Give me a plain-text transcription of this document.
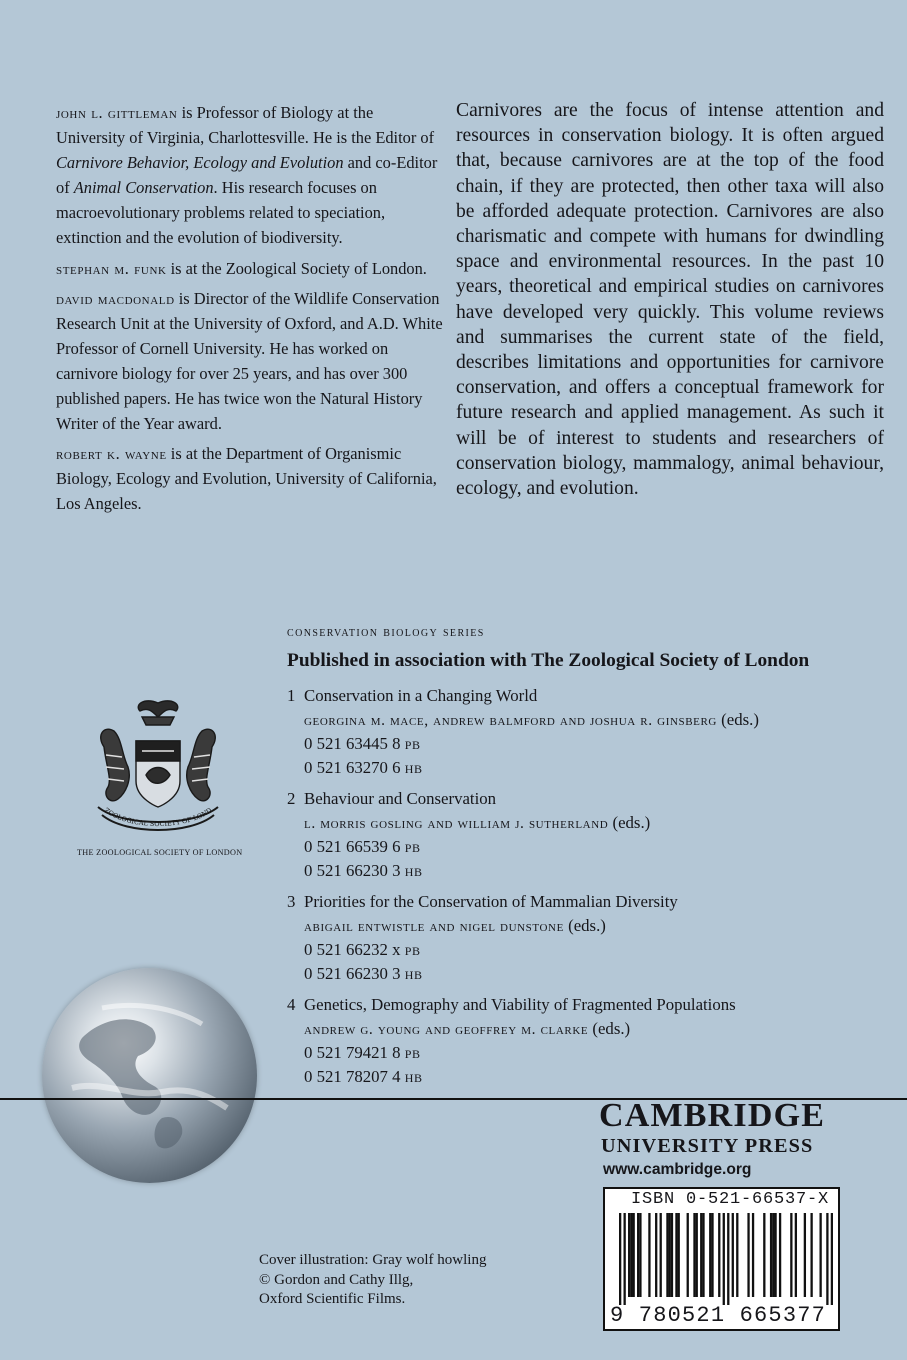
john l. gittleman is Professor of Biology at the University of Virginia, Charlottesville. He is the Editor of Carnivore Behavior, Ecology and Evolution and co-Editor of Animal Conservation. His research focuses on macroevolutionary problems related to speciation, extinction and the evolution of biodiversity.

stephan m. funk is at the Zoological Society of London.

david macdonald is Director of the Wildlife Conservation Research Unit at the University of Oxford, and A.D. White Professor of Cornell University. He has worked on carnivore biology for over 25 years, and has over 300 published papers. He has twice won the Natural History Writer of the Year award.

robert k. wayne is at the Department of Organismic Biology, Ecology and Evolution, University of California, Los Angeles.

Carnivores are the focus of intense attention and resources in conservation biology. It is often argued that, because carnivores are at the top of the food chain, if they are protected, then other taxa will also be afforded adequate protection. Carnivores are also charismatic and compete with humans for dwindling space and environmental resources. In the past 10 years, theoretical and empirical studies on carnivores have developed very quickly. This volume reviews and summarises the current state of the field, describes limitations and opportunities for carnivore conservation, and offers a conceptual framework for future research and applied management. As such it will be of interest to students and researchers of conservation biology, mammalogy, animal behaviour, ecology, and evolution.
conservation biology series
Published in association with The Zoological Society of London
1 Conservation in a Changing World
georgina m. mace, andrew balmford and joshua r. ginsberg (eds.)
0 521 63445 8 pb
0 521 63270 6 hb
2 Behaviour and Conservation
l. morris gosling and william j. sutherland (eds.)
0 521 66539 6 pb
0 521 66230 3 hb
3 Priorities for the Conservation of Mammalian Diversity
abigail entwistle and nigel dunstone (eds.)
0 521 66232 x pb
0 521 66230 3 hb
4 Genetics, Demography and Viability of Fragmented Populations
andrew g. young and geoffrey m. clarke (eds.)
0 521 79421 8 pb
0 521 78207 4 hb
ZOOLOGICAL SOCIETY OF LOND
THE ZOOLOGICAL SOCIETY OF LONDON
CAMBRIDGE
UNIVERSITY PRESS
www.cambridge.org
ISBN 0-521-66537-X
9 780521 665377
Cover illustration: Gray wolf howling
© Gordon and Cathy Illg,
Oxford Scientific Films.
